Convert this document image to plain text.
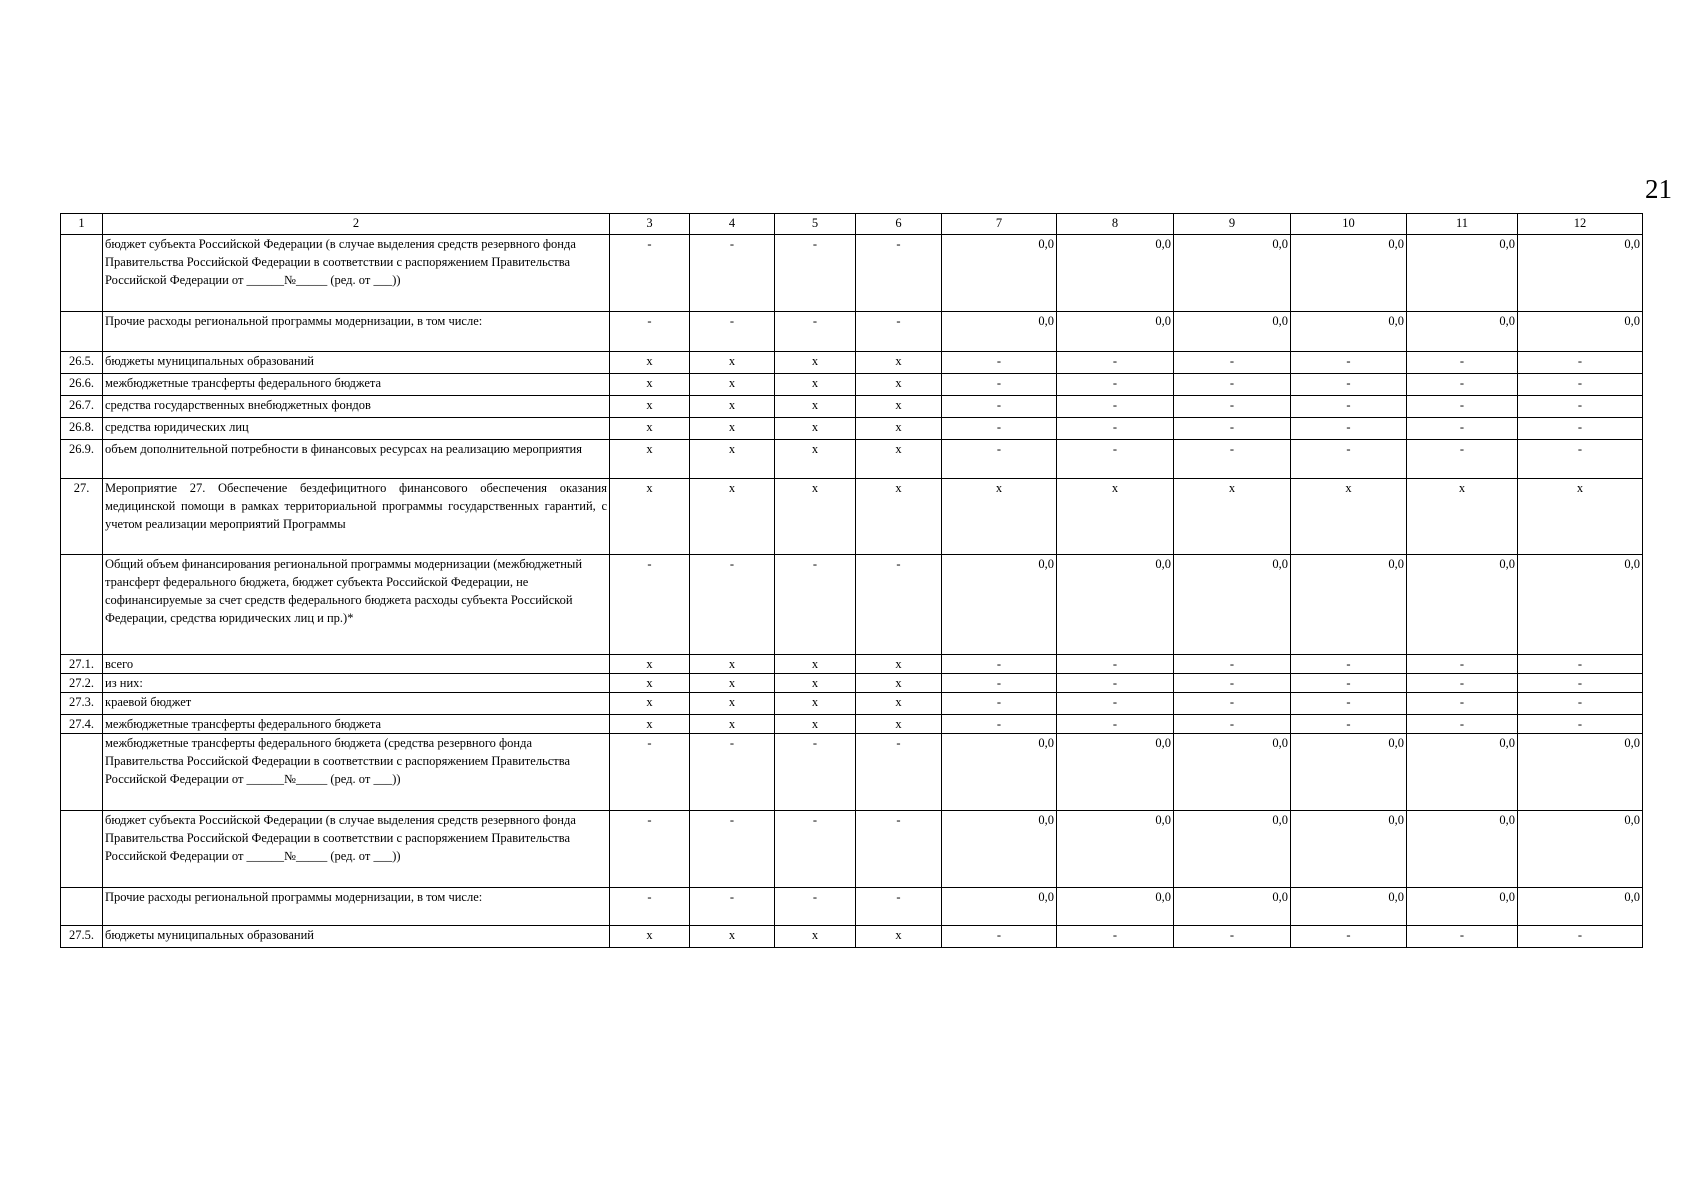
21
1	2	3	4	5	6	7	8	9	10	11	12
	бюджет субъекта Российской Федерации (в случае выделения средств резервного фонда Правительства Российской Федерации в соответствии с распоряжением Правительства Российской Федерации от ______№_____ (ред. от ___))	-	-	-	-	0,0	0,0	0,0	0,0	0,0	0,0
	Прочие расходы региональной программы модернизации, в том числе:	-	-	-	-	0,0	0,0	0,0	0,0	0,0	0,0
26.5.	бюджеты муниципальных образований	х	х	х	х	-	-	-	-	-	-
26.6.	межбюджетные трансферты федерального бюджета	х	х	х	х	-	-	-	-	-	-
26.7.	средства государственных внебюджетных фондов	х	х	х	х	-	-	-	-	-	-
26.8.	средства юридических лиц	х	х	х	х	-	-	-	-	-	-
26.9.	объем дополнительной потребности в финансовых ресурсах на реализацию мероприятия	х	х	х	х	-	-	-	-	-	-
27.	Мероприятие 27. Обеспечение бездефицитного финансового обеспечения оказания медицинской помощи в рамках территориальной программы государственных гарантий, с учетом реализации мероприятий Программы	х	х	х	х	х	х	х	х	х	х
	Общий объем финансирования региональной программы модернизации (межбюджетный трансферт федерального бюджета, бюджет субъекта Российской Федерации, не софинансируемые за счет средств федерального бюджета расходы субъекта Российской Федерации, средства юридических лиц и пр.)*	-	-	-	-	0,0	0,0	0,0	0,0	0,0	0,0
27.1.	всего	х	х	х	х	-	-	-	-	-	-
27.2.	из них:	х	х	х	х	-	-	-	-	-	-
27.3.	краевой бюджет	х	х	х	х	-	-	-	-	-	-
27.4.	межбюджетные трансферты федерального бюджета	х	х	х	х	-	-	-	-	-	-
	межбюджетные трансферты федерального бюджета (средства резервного фонда Правительства Российской Федерации в соответствии с распоряжением Правительства Российской Федерации от ______№_____ (ред. от ___))	-	-	-	-	0,0	0,0	0,0	0,0	0,0	0,0
	бюджет субъекта Российской Федерации (в случае выделения средств резервного фонда Правительства Российской Федерации в соответствии с распоряжением Правительства Российской Федерации от ______№_____ (ред. от ___))	-	-	-	-	0,0	0,0	0,0	0,0	0,0	0,0
	Прочие расходы региональной программы модернизации, в том числе:	-	-	-	-	0,0	0,0	0,0	0,0	0,0	0,0
27.5.	бюджеты муниципальных образований	х	х	х	х	-	-	-	-	-	-
